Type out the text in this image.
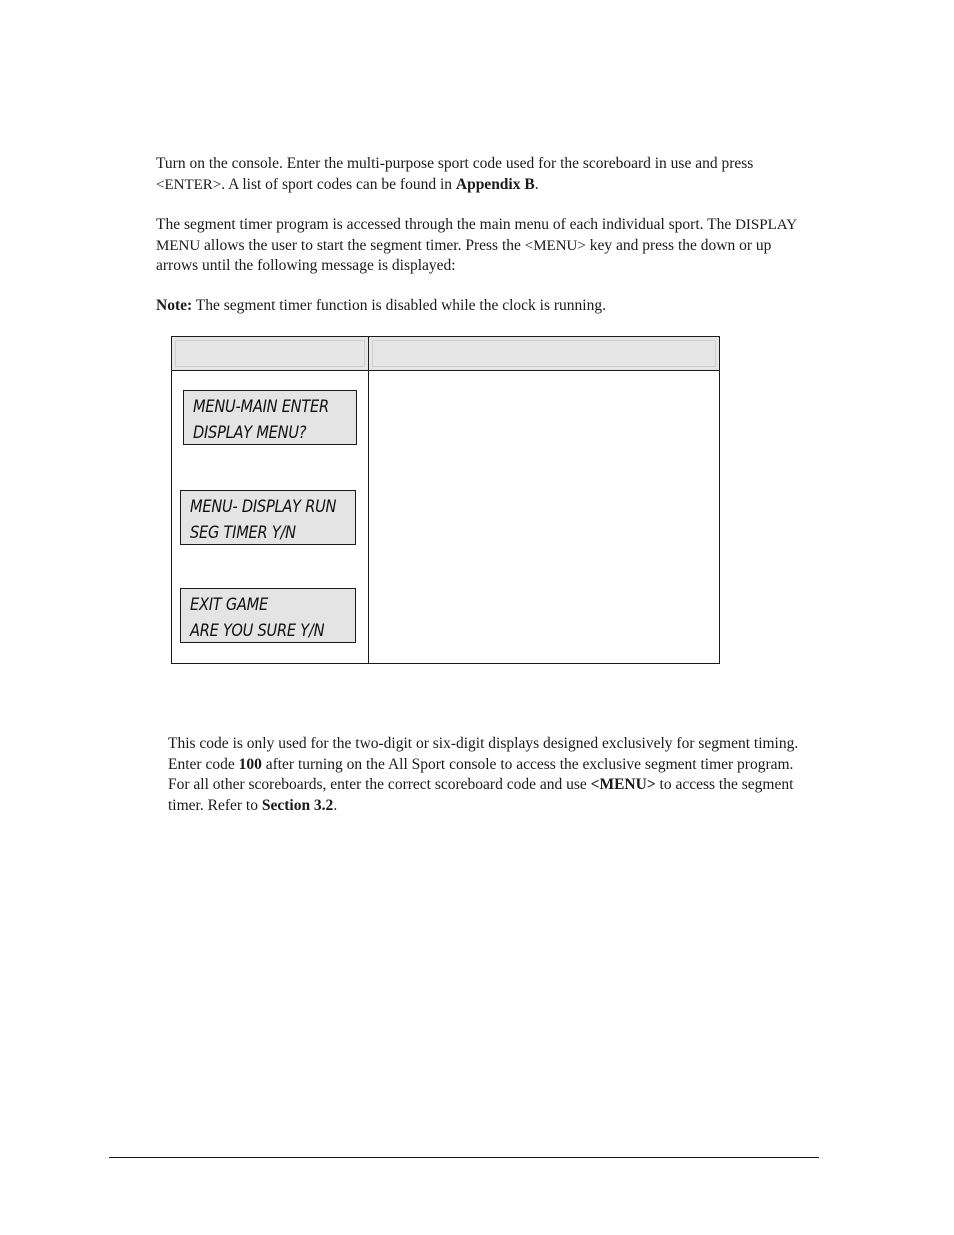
Turn on the console. Enter the multi-purpose sport code used for the scoreboard in use and press <ENTER>. A list of sport codes can be found in Appendix B.

The segment timer program is accessed through the main menu of each individual sport. The DISPLAY MENU allows the user to start the segment timer. Press the <MENU> key and press the down or up arrows until the following message is displayed:

Note: The segment timer function is disabled while the clock is running.

MENU-MAIN ENTER
DISPLAY MENU?
MENU- DISPLAY RUN
SEG TIMER Y/N
EXIT GAME
ARE YOU SURE Y/N

This code is only used for the two-digit or six-digit displays designed exclusively for segment timing. Enter code 100 after turning on the All Sport console to access the exclusive segment timer program. For all other scoreboards, enter the correct scoreboard code and use <MENU> to access the segment timer. Refer to Section 3.2.
